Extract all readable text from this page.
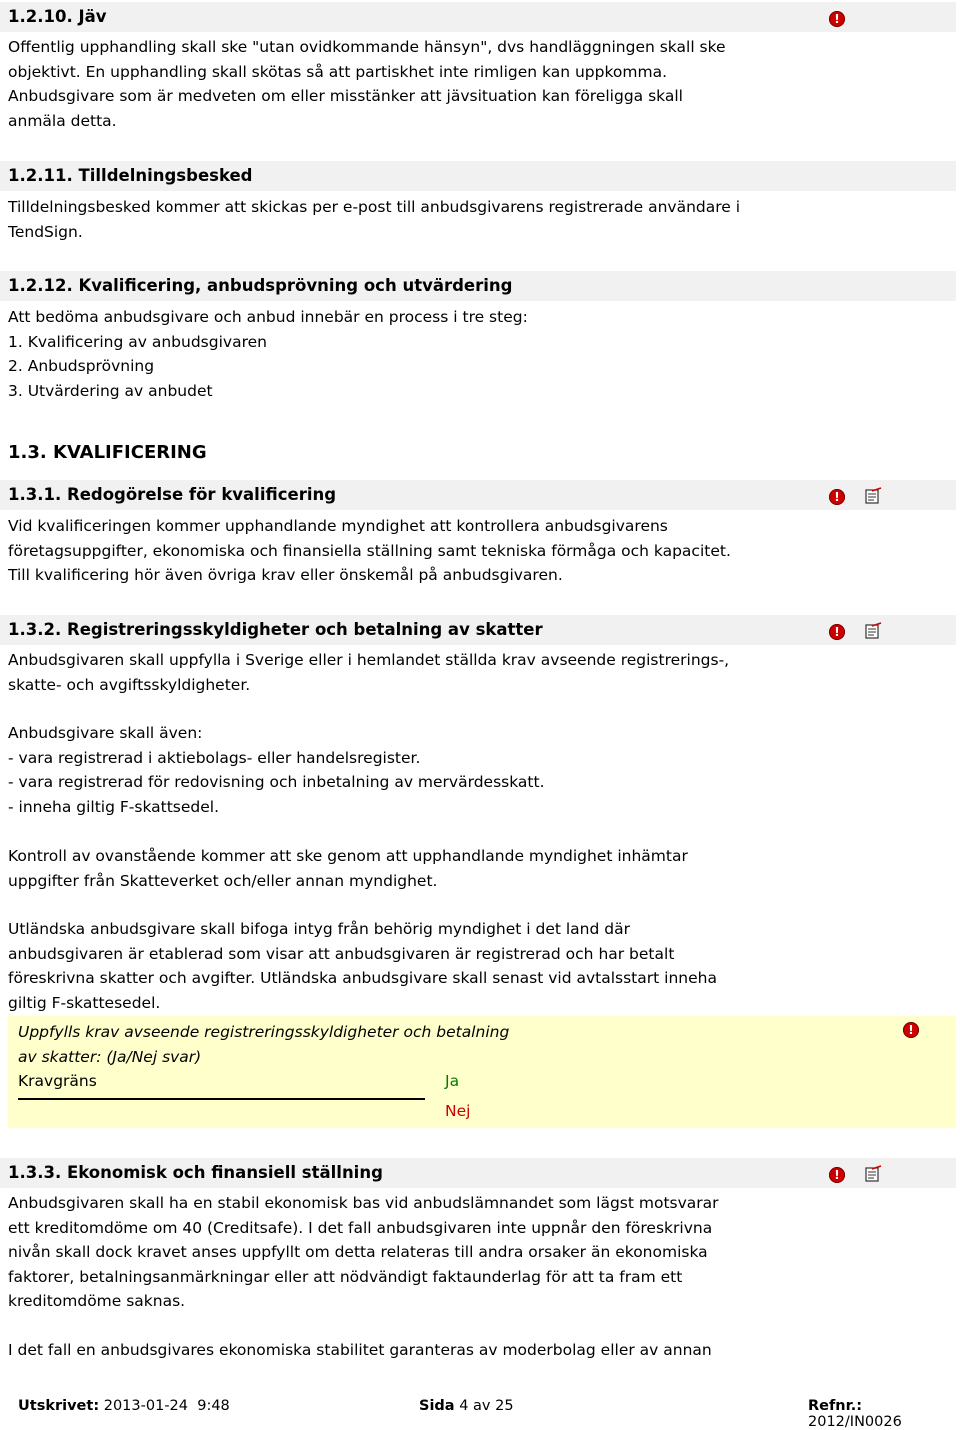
1.2.10. Jäv	!
Offentlig upphandling skall ske "utan ovidkommande hänsyn", dvs handläggningen skall ske
objektivt. En upphandling skall skötas så att partiskhet inte rimligen kan uppkomma.
Anbudsgivare som är medveten om eller misstänker att jävsituation kan föreligga skall
anmäla detta.
1.2.11. Tilldelningsbesked
Tilldelningsbesked kommer att skickas per e-post till anbudsgivarens registrerade användare i
TendSign.
1.2.12. Kvalificering, anbudsprövning och utvärdering
Att bedöma anbudsgivare och anbud innebär en process i tre steg:
1. Kvalificering av anbudsgivaren
2. Anbudsprövning
3. Utvärdering av anbudet
1.3. KVALIFICERING
1.3.1. Redogörelse för kvalificering	!
Vid kvalificeringen kommer upphandlande myndighet att kontrollera anbudsgivarens
företagsuppgifter, ekonomiska och finansiella ställning samt tekniska förmåga och kapacitet.
Till kvalificering hör även övriga krav eller önskemål på anbudsgivaren.
1.3.2. Registreringsskyldigheter och betalning av skatter	!
Anbudsgivaren skall uppfylla i Sverige eller i hemlandet ställda krav avseende registrerings-,
skatte- och avgiftsskyldigheter.
Anbudsgivare skall även:
- vara registrerad i aktiebolags- eller handelsregister.
- vara registrerad för redovisning och inbetalning av mervärdesskatt.
- inneha giltig F-skattsedel.
Kontroll av ovanstående kommer att ske genom att upphandlande myndighet inhämtar
uppgifter från Skatteverket och/eller annan myndighet.
Utländska anbudsgivare skall bifoga intyg från behörig myndighet i det land där
anbudsgivaren är etablerad som visar att anbudsgivaren är registrerad och har betalt
föreskrivna skatter och avgifter. Utländska anbudsgivare skall senast vid avtalsstart inneha
giltig F-skattesedel.
Uppfylls krav avseende registreringsskyldigheter och betalning
av skatter: (Ja/Nej svar)
Kravgräns	Ja
Nej
!
1.3.3. Ekonomisk och finansiell ställning	!
Anbudsgivaren skall ha en stabil ekonomisk bas vid anbudslämnandet som lägst motsvarar
ett kreditomdöme om 40 (Creditsafe). I det fall anbudsgivaren inte uppnår den föreskrivna
nivån skall dock kravet anses uppfyllt om detta relateras till andra orsaker än ekonomiska
faktorer, betalningsanmärkningar eller att nödvändigt faktaunderlag för att ta fram ett
kreditomdöme saknas.
I det fall en anbudsgivares ekonomiska stabilitet garanteras av moderbolag eller av annan
Utskrivet: 2013-01-24  9:48	Sida 4 av 25	Refnr.: 2012/IN0026
